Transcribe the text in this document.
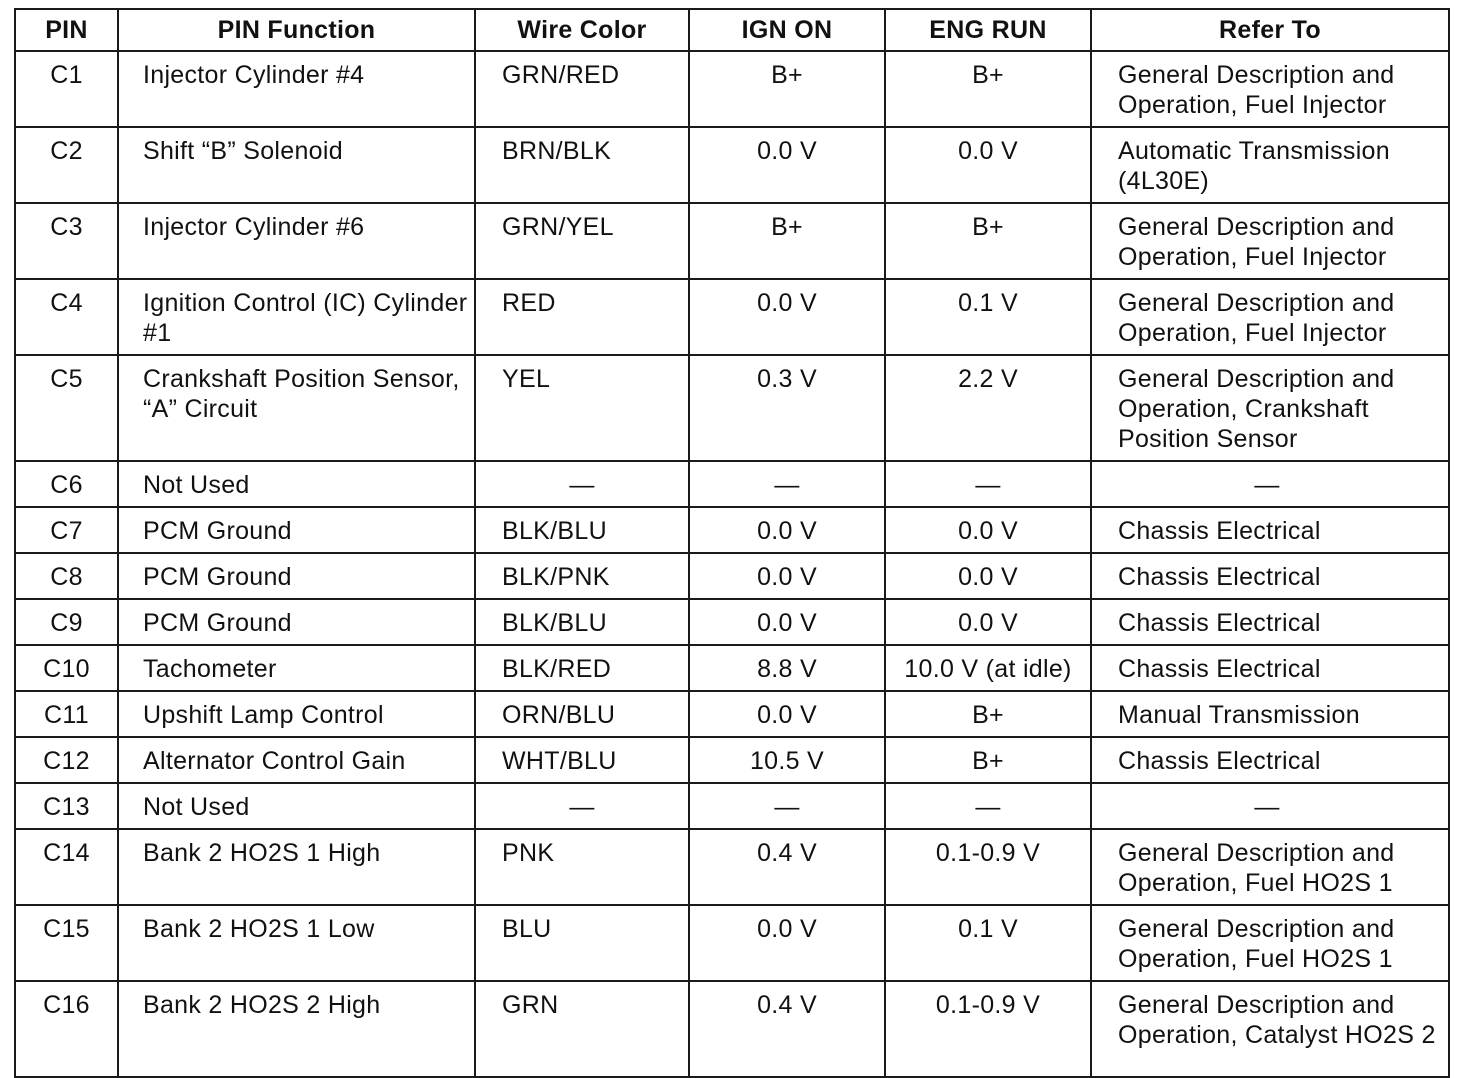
PIN	PIN Function	Wire Color	IGN ON	ENG RUN	Refer To
C1	Injector Cylinder #4	GRN/RED	B+	B+	General Description and Operation, Fuel Injector
C2	Shift “B” Solenoid	BRN/BLK	0.0 V	0.0 V	Automatic Transmission (4L30E)
C3	Injector Cylinder #6	GRN/YEL	B+	B+	General Description and Operation, Fuel Injector
C4	Ignition Control (IC) Cylinder #1	RED	0.0 V	0.1 V	General Description and Operation, Fuel Injector
C5	Crankshaft Position Sensor, “A” Circuit	YEL	0.3 V	2.2 V	General Description and Operation, Crankshaft Position Sensor
C6	Not Used	—	—	—	—
C7	PCM Ground	BLK/BLU	0.0 V	0.0 V	Chassis Electrical
C8	PCM Ground	BLK/PNK	0.0 V	0.0 V	Chassis Electrical
C9	PCM Ground	BLK/BLU	0.0 V	0.0 V	Chassis Electrical
C10	Tachometer	BLK/RED	8.8 V	10.0 V (at idle)	Chassis Electrical
C11	Upshift Lamp Control	ORN/BLU	0.0 V	B+	Manual Transmission
C12	Alternator Control Gain	WHT/BLU	10.5 V	B+	Chassis Electrical
C13	Not Used	—	—	—	—
C14	Bank 2 HO2S 1 High	PNK	0.4 V	0.1-0.9 V	General Description and Operation, Fuel HO2S 1
C15	Bank 2 HO2S 1 Low	BLU	0.0 V	0.1 V	General Description and Operation, Fuel HO2S 1
C16	Bank 2 HO2S 2 High	GRN	0.4 V	0.1-0.9 V	General Description and Operation, Catalyst HO2S 2
